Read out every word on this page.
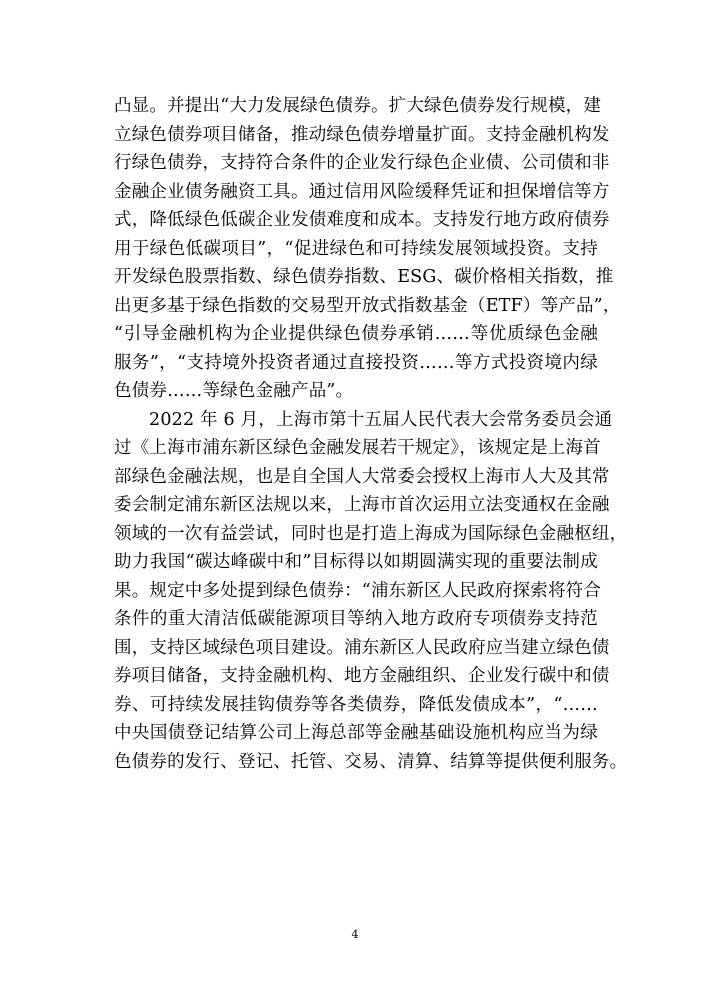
凸显。并提出“大力发展绿色债券。扩大绿色债券发行规模，建
立绿色债券项目储备，推动绿色债券增量扩面。支持金融机构发
行绿色债券，支持符合条件的企业发行绿色企业债、公司债和非
金融企业债务融资工具。通过信用风险缓释凭证和担保增信等方
式，降低绿色低碳企业发债难度和成本。支持发行地方政府债券
用于绿色低碳项目”，“促进绿色和可持续发展领域投资。支持
开发绿色股票指数、绿色债券指数、ESG、碳价格相关指数，推
出更多基于绿色指数的交易型开放式指数基金（ETF）等产品”，
“引导金融机构为企业提供绿色债券承销……等优质绿色金融
服务”，“支持境外投资者通过直接投资……等方式投资境内绿
色债券……等绿色金融产品”。
2022 年 6 月，上海市第十五届人民代表大会常务委员会通
过《上海市浦东新区绿色金融发展若干规定》，该规定是上海首
部绿色金融法规，也是自全国人大常委会授权上海市人大及其常
委会制定浦东新区法规以来，上海市首次运用立法变通权在金融
领域的一次有益尝试，同时也是打造上海成为国际绿色金融枢纽，
助力我国“碳达峰碳中和”目标得以如期圆满实现的重要法制成
果。规定中多处提到绿色债券：“浦东新区人民政府探索将符合
条件的重大清洁低碳能源项目等纳入地方政府专项债券支持范
围，支持区域绿色项目建设。浦东新区人民政府应当建立绿色债
券项目储备，支持金融机构、地方金融组织、企业发行碳中和债
券、可持续发展挂钩债券等各类债券，降低发债成本”，“……
中央国债登记结算公司上海总部等金融基础设施机构应当为绿
色债券的发行、登记、托管、交易、清算、结算等提供便利服务。
4
